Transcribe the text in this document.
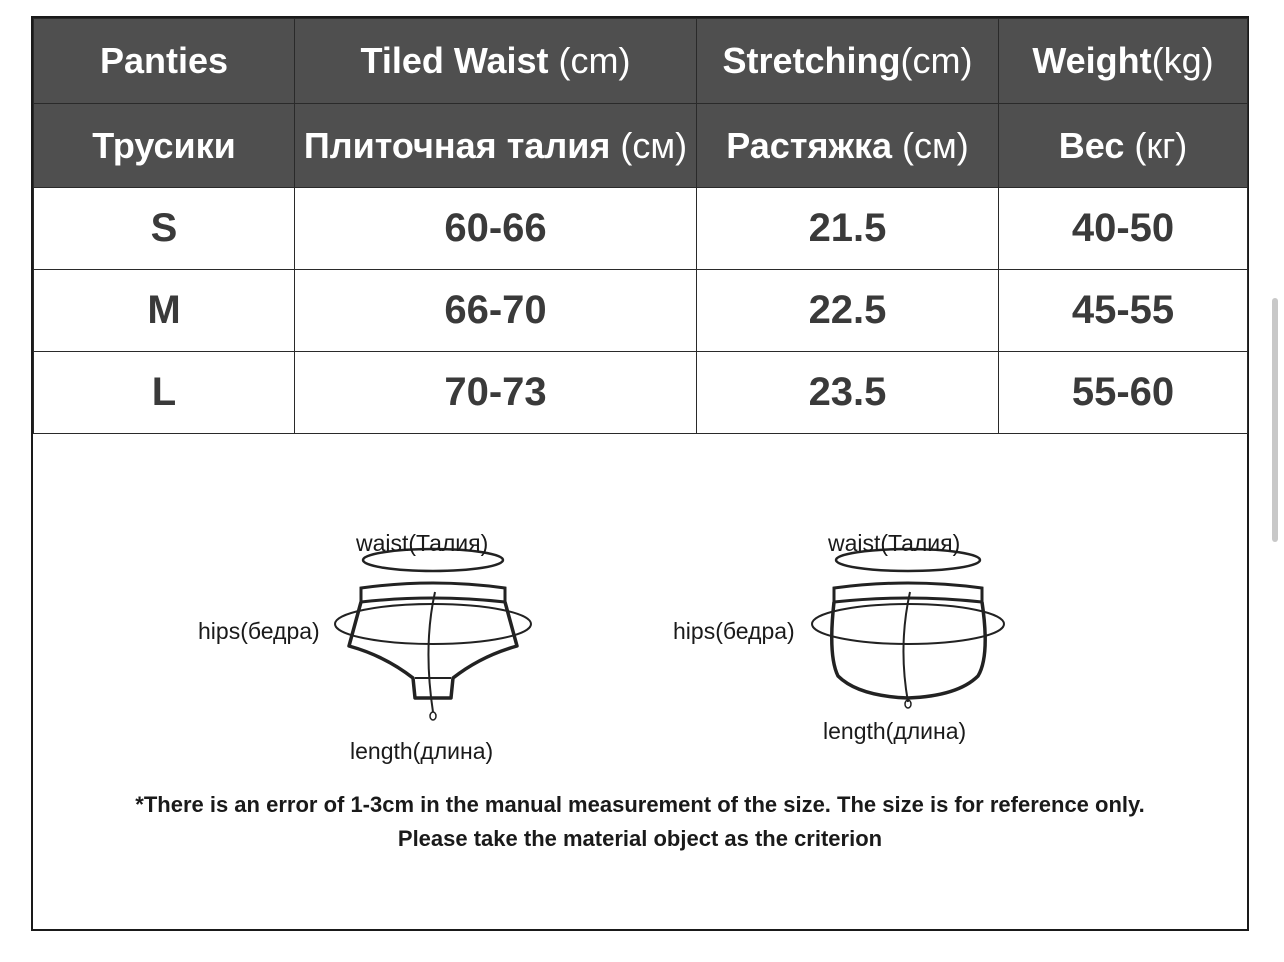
Panties	Tiled Waist (cm)	Stretching(cm)	Weight(kg)
Трусики	Плиточная талия (см)	Растяжка (см)	Вес (кг)
S	60-66	21.5	40-50
M	66-70	22.5	45-55
L	70-73	23.5	55-60
waist(Талия)
hips(бедра)
length(длина)
waist(Талия)
hips(бедра)
length(длина)
*There is an error of 1-3cm in the manual measurement of the size. The size is for reference only.
Please take the material object as the criterion
